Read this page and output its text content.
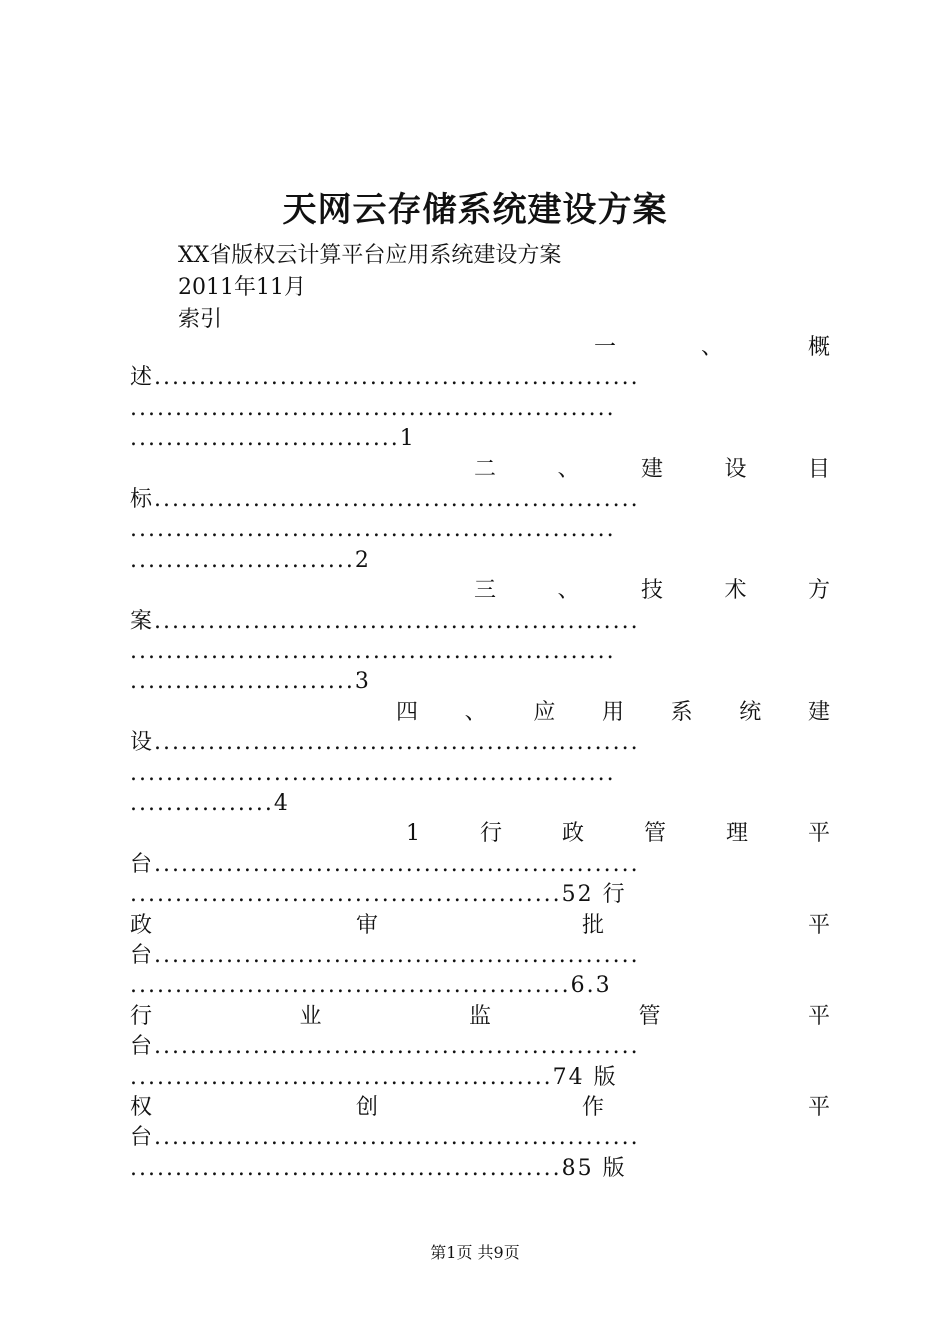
天网云存储系统建设方案
XX省版权云计算平台应用系统建设方案
2011年11月
索引
一	、	概
述......................................................
......................................................
..............................1
二	、	建	设	目
标......................................................
......................................................
.........................2
三	、	技	术	方
案......................................................
......................................................
.........................3
四 、 应 用 系 统 建
设......................................................
......................................................
................4
1	行	政	管	理	平
台......................................................
................................................52 行
政	审	批	平
台......................................................
.................................................6.3
行	业	监	管	平
台......................................................
...............................................74 版
权	创	作	平
台......................................................
................................................85 版
第1页 共9页
